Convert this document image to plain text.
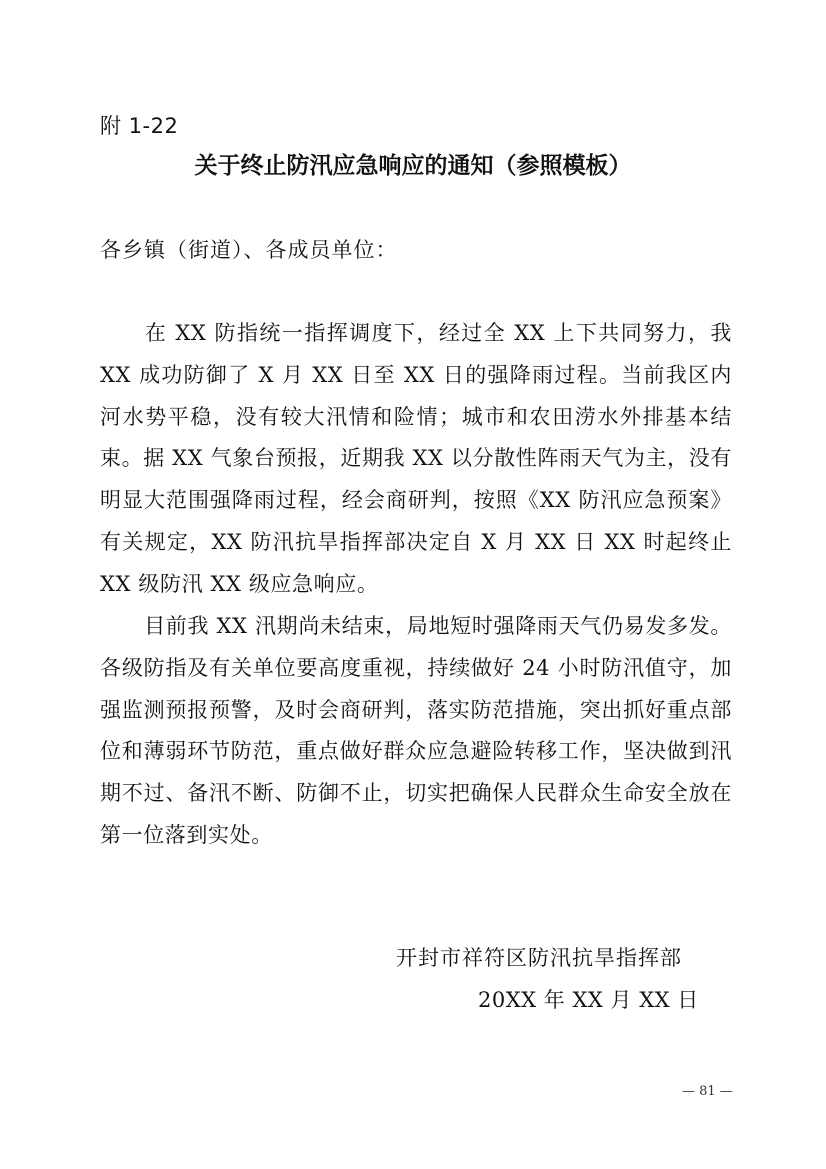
附 1-22
关于终止防汛应急响应的通知（参照模板）
各乡镇（街道）、各成员单位：

在 XX 防指统一指挥调度下，经过全 XX 上下共同努力，我 XX 成功防御了 X 月 XX 日至 XX 日的强降雨过程。当前我区内河水势平稳，没有较大汛情和险情；城市和农田涝水外排基本结束。据 XX 气象台预报，近期我 XX 以分散性阵雨天气为主，没有明显大范围强降雨过程，经会商研判，按照《XX 防汛应急预案》有关规定，XX 防汛抗旱指挥部决定自 X 月 XX 日 XX 时起终止 XX 级防汛 XX 级应急响应。

目前我 XX 汛期尚未结束，局地短时强降雨天气仍易发多发。各级防指及有关单位要高度重视，持续做好 24 小时防汛值守，加强监测预报预警，及时会商研判，落实防范措施，突出抓好重点部位和薄弱环节防范，重点做好群众应急避险转移工作，坚决做到汛期不过、备汛不断、防御不止，切实把确保人民群众生命安全放在第一位落到实处。

开封市祥符区防汛抗旱指挥部
20XX 年 XX 月 XX 日
— 81 —
